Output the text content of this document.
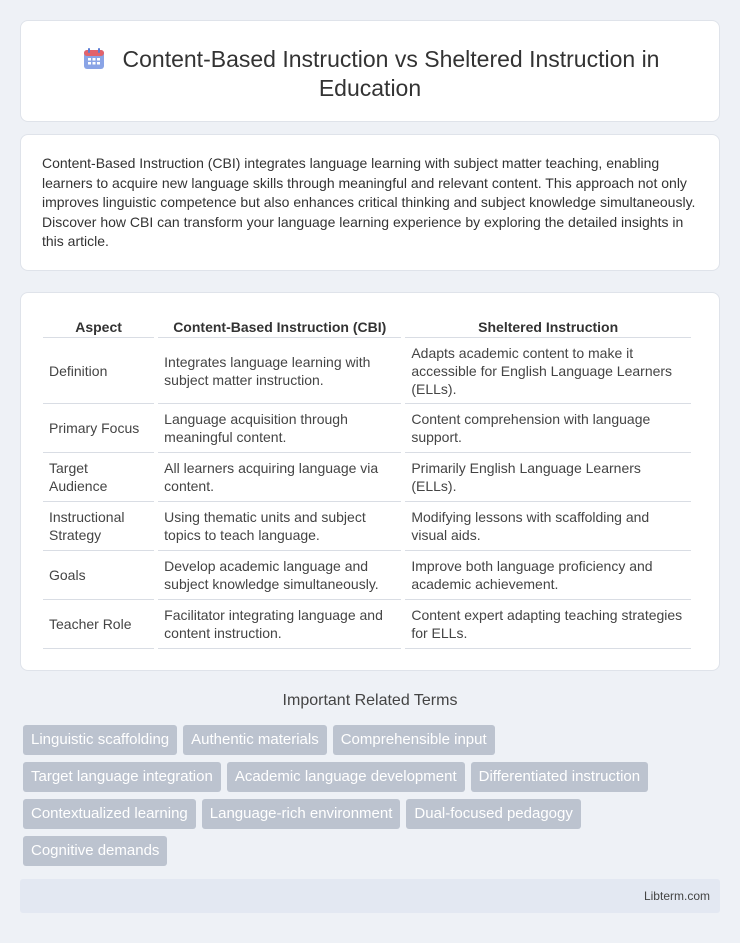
Content-Based Instruction vs Sheltered Instruction in Education

Content-Based Instruction (CBI) integrates language learning with subject matter teaching, enabling learners to acquire new language skills through meaningful and relevant content. This approach not only improves linguistic competence but also enhances critical thinking and subject knowledge simultaneously. Discover how CBI can transform your language learning experience by exploring the detailed insights in this article.

Aspect	Content-Based Instruction (CBI)	Sheltered Instruction
Definition	Integrates language learning with subject matter instruction.	Adapts academic content to make it accessible for English Language Learners (ELLs).
Primary Focus	Language acquisition through meaningful content.	Content comprehension with language support.
Target Audience	All learners acquiring language via content.	Primarily English Language Learners (ELLs).
Instructional Strategy	Using thematic units and subject topics to teach language.	Modifying lessons with scaffolding and visual aids.
Goals	Develop academic language and subject knowledge simultaneously.	Improve both language proficiency and academic achievement.
Teacher Role	Facilitator integrating language and content instruction.	Content expert adapting teaching strategies for ELLs.
Important Related Terms
Linguistic scaffolding	Authentic materials	Comprehensible input
Target language integration	Academic language development	Differentiated instruction
Contextualized learning	Language-rich environment	Dual-focused pedagogy
Cognitive demands
Libterm.com
